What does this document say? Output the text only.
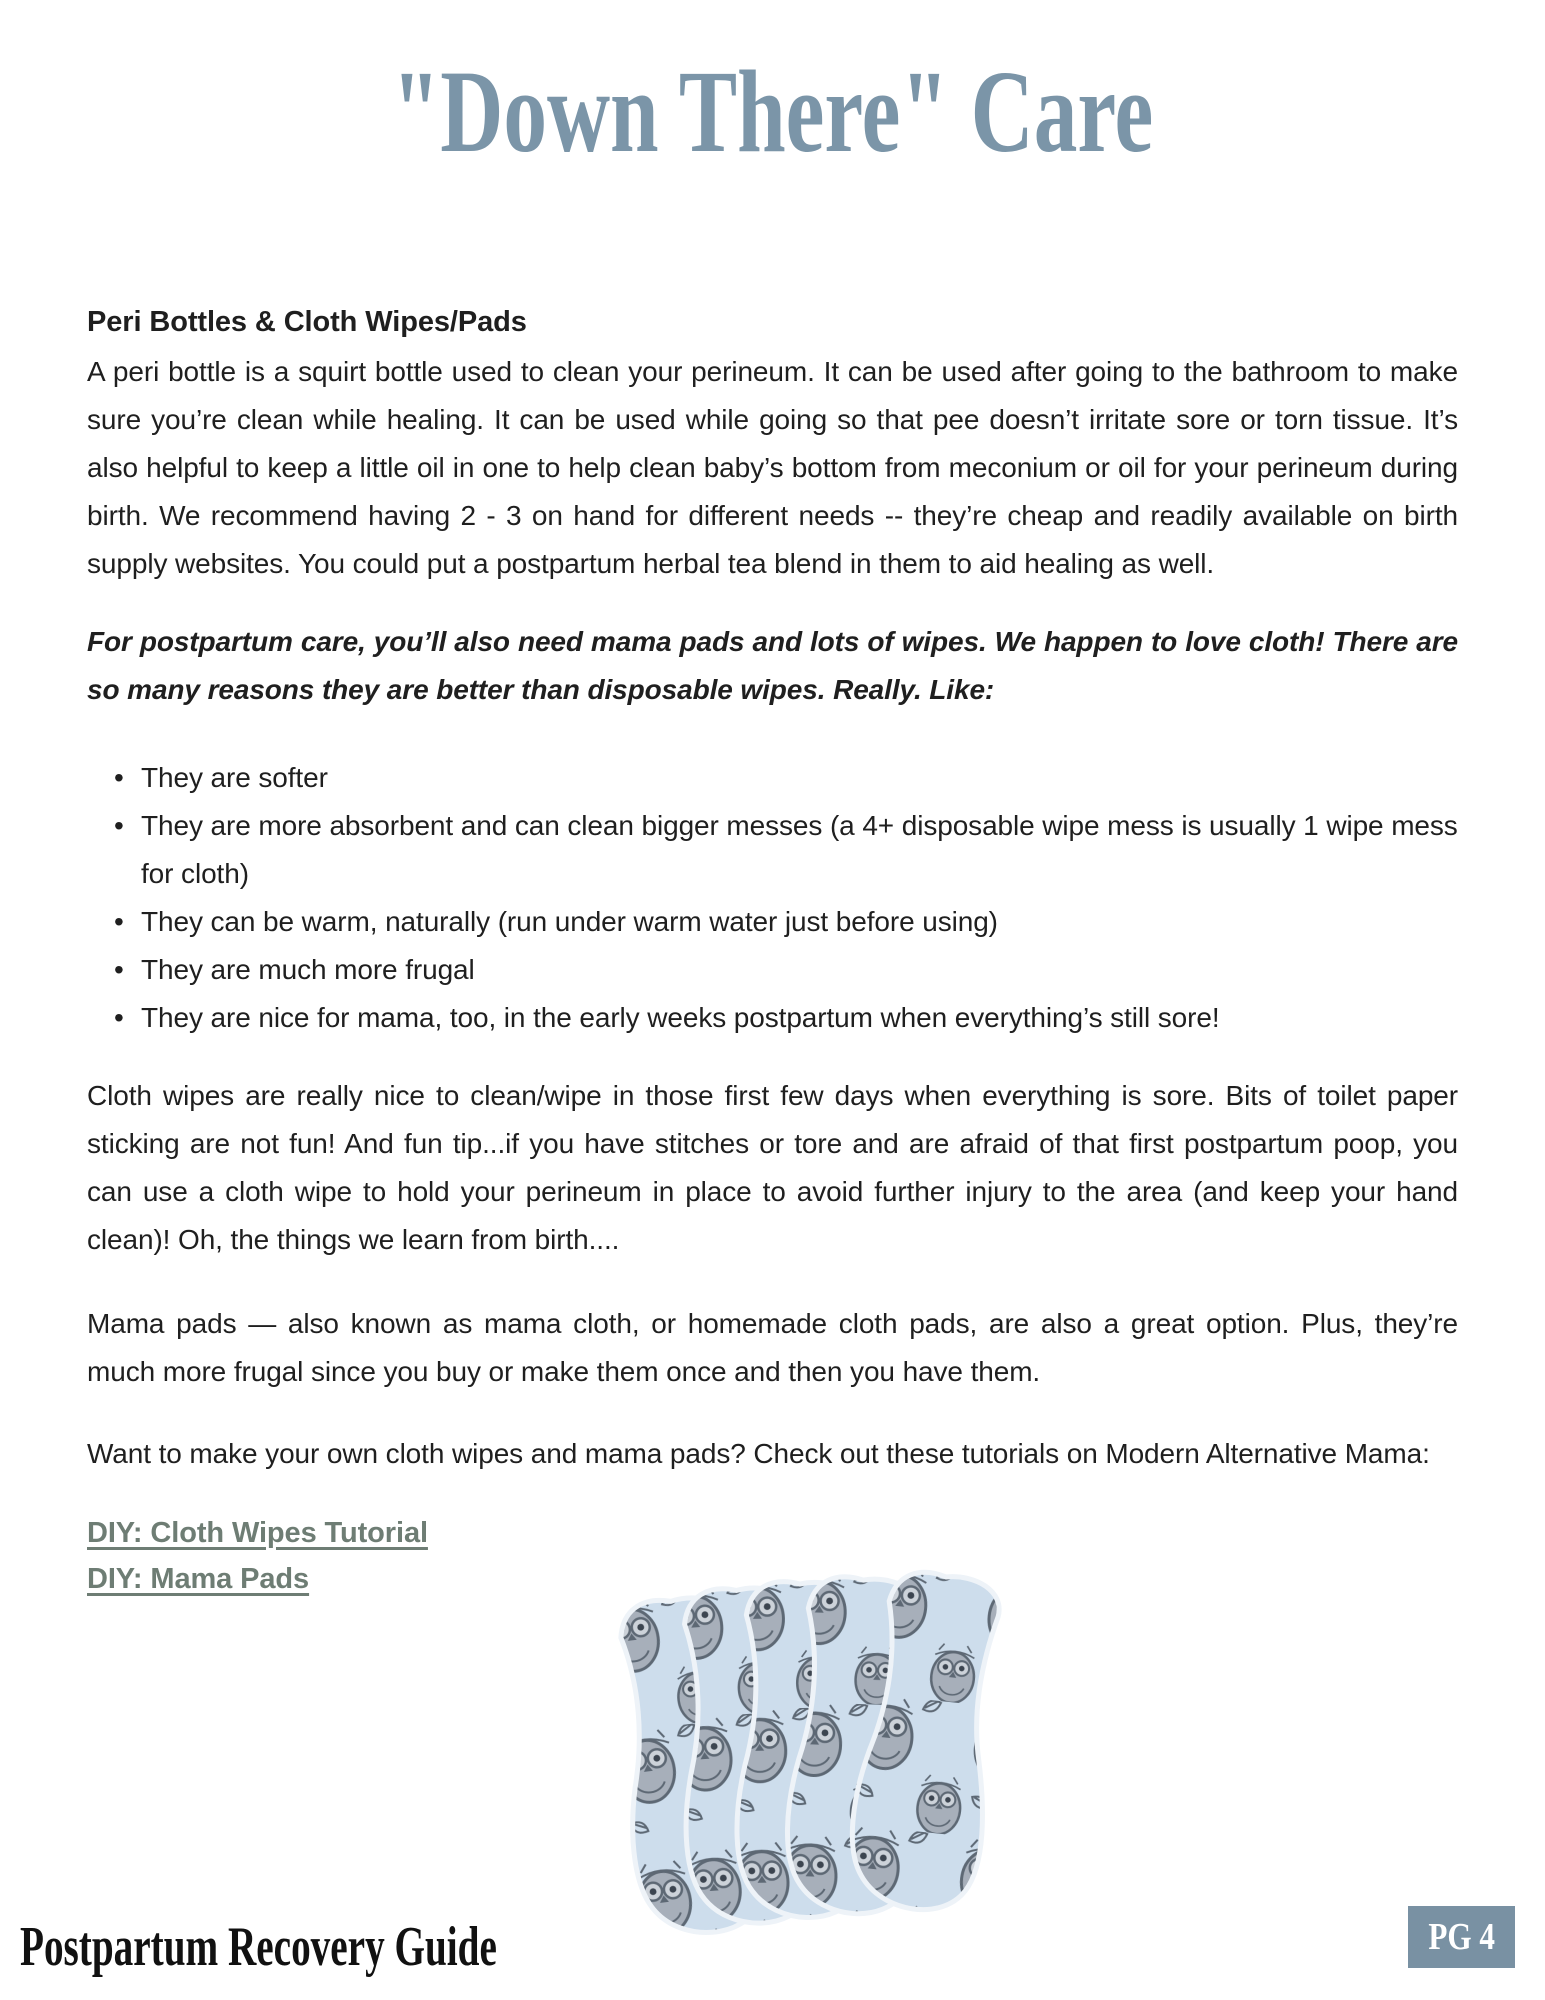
"Down There" Care

Peri Bottles & Cloth Wipes/Pads

A peri bottle is a squirt bottle used to clean your perineum. It can be used after going to the bathroom to make sure you’re clean while healing. It can be used while going so that pee doesn’t irritate sore or torn tissue. It’s also helpful to keep a little oil in one to help clean baby’s bottom from meconium or oil for your perineum during birth. We recommend having 2 - 3 on hand for different needs -- they’re cheap and readily available on birth supply websites. You could put a postpartum herbal tea blend in them to aid healing as well.

For postpartum care, you’ll also need mama pads and lots of wipes. We happen to love cloth! There are so many reasons they are better than disposable wipes. Really. Like:

• They are softer
• They are more absorbent and can clean bigger messes (a 4+ disposable wipe mess is usually 1 wipe mess for cloth)
• They can be warm, naturally (run under warm water just before using)
• They are much more frugal
• They are nice for mama, too, in the early weeks postpartum when everything’s still sore!

Cloth wipes are really nice to clean/wipe in those first few days when everything is sore. Bits of toilet paper sticking are not fun! And fun tip...if you have stitches or tore and are afraid of that first postpartum poop, you can use a cloth wipe to hold your perineum in place to avoid further injury to the area (and keep your hand clean)! Oh, the things we learn from birth....

Mama pads — also known as mama cloth, or homemade cloth pads, are also a great option. Plus, they’re much more frugal since you buy or make them once and then you have them.

Want to make your own cloth wipes and mama pads? Check out these tutorials on Modern Alternative Mama:

DIY: Cloth Wipes Tutorial
DIY: Mama Pads
Postpartum Recovery Guide	PG 4
